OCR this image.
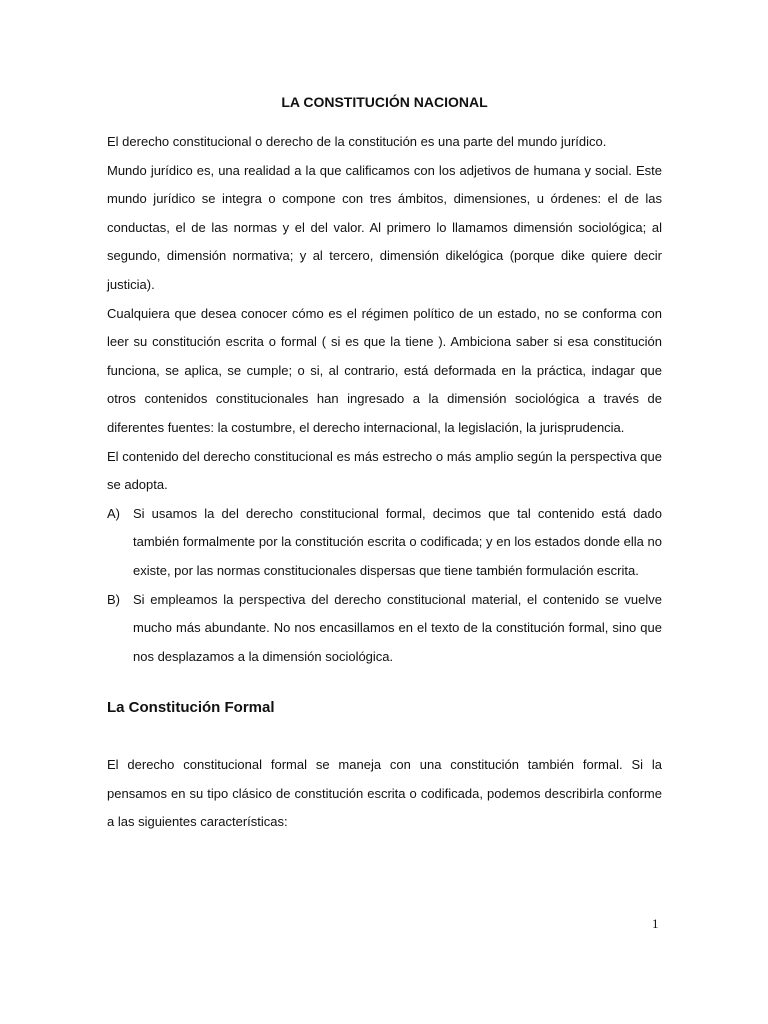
LA CONSTITUCIÓN NACIONAL

El derecho constitucional o derecho de la constitución es una parte del mundo jurídico.

Mundo jurídico es, una realidad a la que calificamos con los adjetivos de humana y social. Este mundo jurídico se integra o compone con tres ámbitos, dimensiones, u órdenes: el de las conductas, el de las normas y el del valor. Al primero lo llamamos dimensión sociológica; al segundo, dimensión normativa; y al tercero, dimensión dikelógica (porque dike quiere decir justicia).

Cualquiera que desea conocer cómo es el régimen político de un estado, no se conforma con leer su constitución escrita o formal ( si es que la tiene ). Ambiciona saber si esa constitución funciona, se aplica, se cumple; o si, al contrario, está deformada en la práctica, indagar que otros contenidos constitucionales han ingresado a la dimensión sociológica a través de diferentes fuentes: la costumbre, el derecho internacional, la legislación, la jurisprudencia.

El contenido del derecho constitucional es más estrecho o más amplio según la perspectiva que se adopta.

A)	Si usamos la del derecho constitucional formal, decimos que tal contenido está dado también formalmente por la constitución escrita o codificada; y en los estados donde ella no existe, por las normas constitucionales dispersas que tiene también formulación escrita.
B)	Si empleamos la perspectiva del derecho constitucional material, el contenido se vuelve mucho más abundante. No nos encasillamos en el texto de la constitución formal, sino que nos desplazamos a la dimensión sociológica.
La Constitución Formal

El derecho constitucional formal se maneja con una constitución también formal. Si la pensamos en su tipo clásico de constitución escrita o codificada, podemos describirla conforme a las siguientes características:

1
